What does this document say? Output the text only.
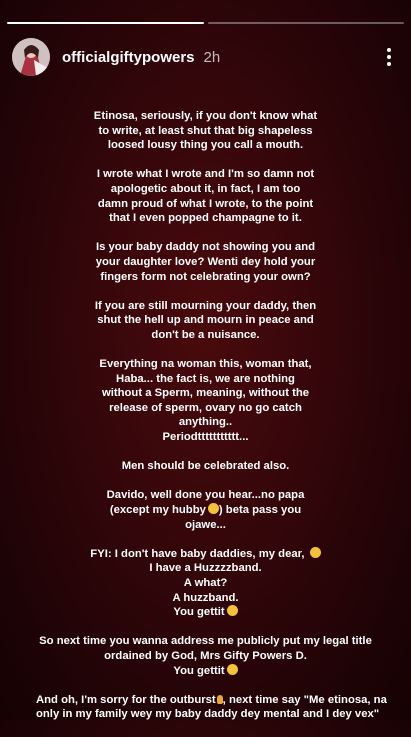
officialgiftypowers 2h
Etinosa, seriously, if you don't know what
to write, at least shut that big shapeless
loosed lousy thing you call a mouth.
I wrote what I wrote and I'm so damn not
apologetic about it, in fact, I am too
damn proud of what I wrote, to the point
that I even popped champagne to it.
Is your baby daddy not showing you and
your daughter love? Wenti dey hold your
fingers form not celebrating your own?
If you are still mourning your daddy, then
shut the hell up and mourn in peace and
don't be a nuisance.
Everything na woman this, woman that,
Haba... the fact is, we are nothing
without a Sperm, meaning, without the
release of sperm, ovary no go catch
anything..
Periodttttttttttt...
Men should be celebrated also.
Davido, well done you hear...no papa
(except my hubby ) beta pass you
ojawe...
FYI: I don't have baby daddies, my dear,
I have a Huzzzzband.
A what?
A huzzband.
You gettit
So next time you wanna address me publicly put my legal title
ordained by God, Mrs Gifty Powers D.
You gettit
And oh, I'm sorry for the outburst , next time say "Me etinosa, na
only in my family wey my baby daddy dey mental and I dey vex"
